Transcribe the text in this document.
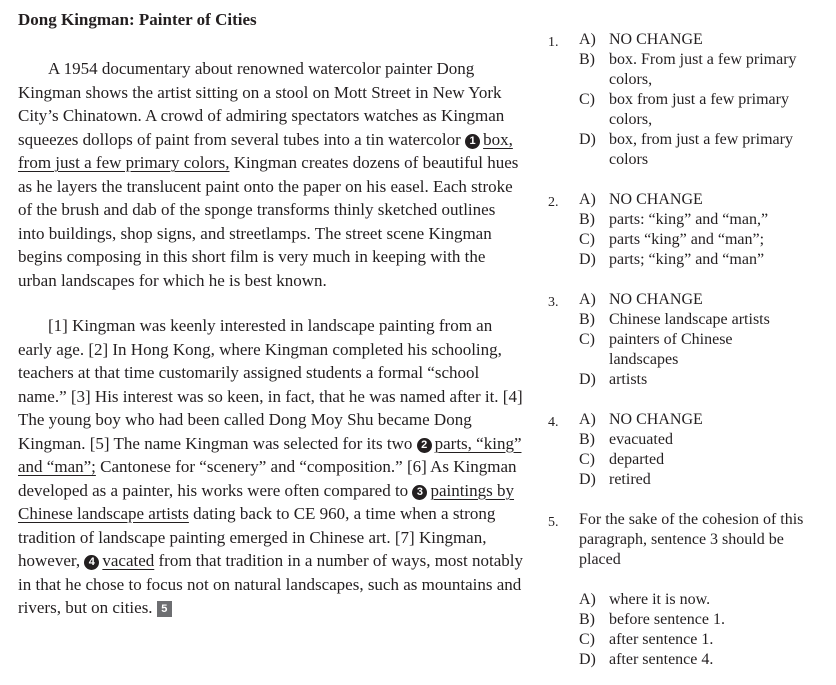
Dong Kingman: Painter of Cities

A 1954 documentary about renowned watercolor painter Dong Kingman shows the artist sitting on a stool on Mott Street in New York City’s Chinatown. A crowd of admiring spectators watches as Kingman squeezes dollops of paint from several tubes into a tin watercolor 1 box, from just a few primary colors, Kingman creates dozens of beautiful hues as he layers the translucent paint onto the paper on his easel. Each stroke of the brush and dab of the sponge transforms thinly sketched outlines into buildings, shop signs, and streetlamps. The street scene Kingman begins composing in this short film is very much in keeping with the urban landscapes for which he is best known.

[1] Kingman was keenly interested in landscape painting from an early age. [2] In Hong Kong, where Kingman completed his schooling, teachers at that time customarily assigned students a formal “school name.” [3] His interest was so keen, in fact, that he was named after it. [4] The young boy who had been called Dong Moy Shu became Dong Kingman. [5] The name Kingman was selected for its two 2 parts, “king” and “man”; Cantonese for “scenery” and “composition.” [6] As Kingman developed as a painter, his works were often compared to 3 paintings by Chinese landscape artists dating back to CE 960, a time when a strong tradition of landscape painting emerged in Chinese art. [7] Kingman, however, 4 vacated from that tradition in a number of ways, most notably in that he chose to focus not on natural landscapes, such as mountains and rivers, but on cities. 5

1. A) NO CHANGE
B) box. From just a few primary colors,
C) box from just a few primary colors,
D) box, from just a few primary colors
2. A) NO CHANGE
B) parts: “king” and “man,”
C) parts “king” and “man”;
D) parts; “king” and “man”
3. A) NO CHANGE
B) Chinese landscape artists
C) painters of Chinese landscapes
D) artists
4. A) NO CHANGE
B) evacuated
C) departed
D) retired
5. For the sake of the cohesion of this paragraph, sentence 3 should be placed
A) where it is now.
B) before sentence 1.
C) after sentence 1.
D) after sentence 4.
